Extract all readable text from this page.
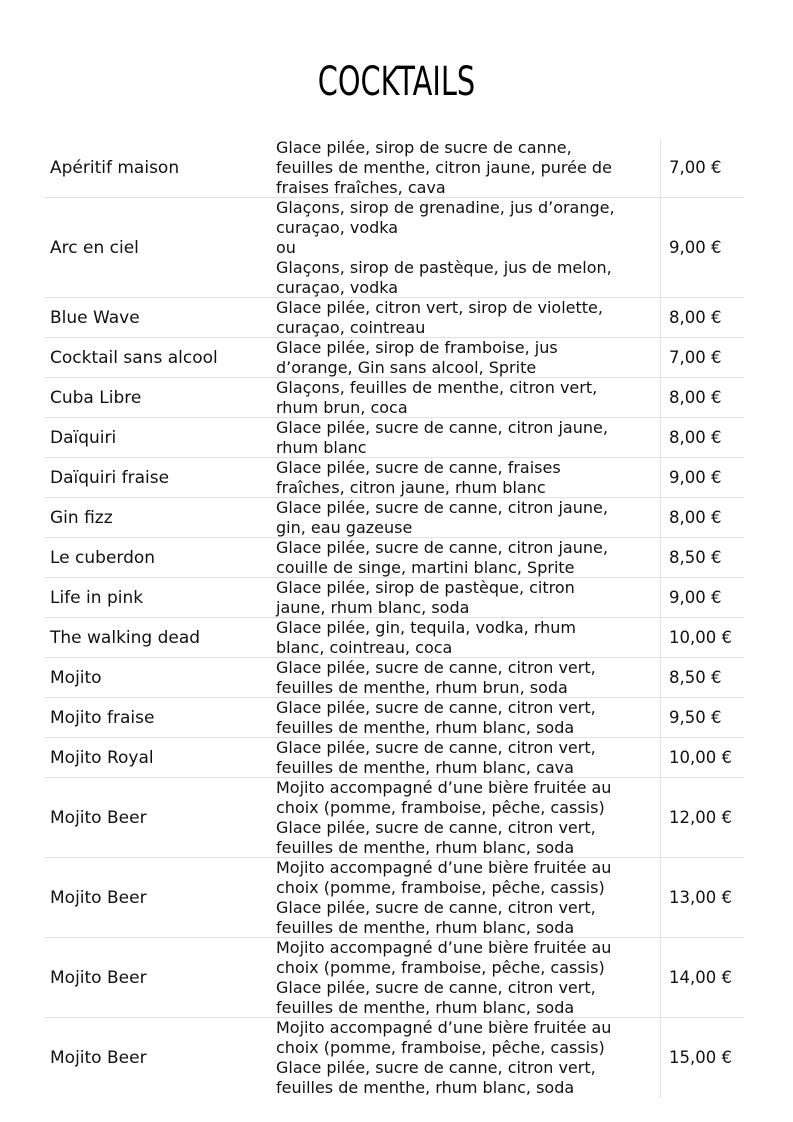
COCKTAILS
Apéritif maison
Glace pilée, sirop de sucre de canne,
feuilles de menthe, citron jaune, purée de
fraises fraîches, cava
7,00 €
Arc en ciel
Glaçons, sirop de grenadine, jus d’orange,
curaçao, vodka
ou
Glaçons, sirop de pastèque, jus de melon,
curaçao, vodka
9,00 €
Blue Wave
Glace pilée, citron vert, sirop de violette,
curaçao, cointreau
8,00 €
Cocktail sans alcool
Glace pilée, sirop de framboise, jus
d’orange, Gin sans alcool, Sprite
7,00 €
Cuba Libre
Glaçons, feuilles de menthe, citron vert,
rhum brun, coca
8,00 €
Daïquiri
Glace pilée, sucre de canne, citron jaune,
rhum blanc
8,00 €
Daïquiri fraise
Glace pilée, sucre de canne, fraises
fraîches, citron jaune, rhum blanc
9,00 €
Gin fizz
Glace pilée, sucre de canne, citron jaune,
gin, eau gazeuse
8,00 €
Le cuberdon
Glace pilée, sucre de canne, citron jaune,
couille de singe, martini blanc, Sprite
8,50 €
Life in pink
Glace pilée, sirop de pastèque, citron
jaune, rhum blanc, soda
9,00 €
The walking dead
Glace pilée, gin, tequila, vodka, rhum
blanc, cointreau, coca
10,00 €
Mojito
Glace pilée, sucre de canne, citron vert,
feuilles de menthe, rhum brun, soda
8,50 €
Mojito fraise
Glace pilée, sucre de canne, citron vert,
feuilles de menthe, rhum blanc, soda
9,50 €
Mojito Royal
Glace pilée, sucre de canne, citron vert,
feuilles de menthe, rhum blanc, cava
10,00 €
Mojito Beer
Mojito accompagné d’une bière fruitée au
choix (pomme, framboise, pêche, cassis)
Glace pilée, sucre de canne, citron vert,
feuilles de menthe, rhum blanc, soda
12,00 €
Mojito Beer
Mojito accompagné d’une bière fruitée au
choix (pomme, framboise, pêche, cassis)
Glace pilée, sucre de canne, citron vert,
feuilles de menthe, rhum blanc, soda
13,00 €
Mojito Beer
Mojito accompagné d’une bière fruitée au
choix (pomme, framboise, pêche, cassis)
Glace pilée, sucre de canne, citron vert,
feuilles de menthe, rhum blanc, soda
14,00 €
Mojito Beer
Mojito accompagné d’une bière fruitée au
choix (pomme, framboise, pêche, cassis)
Glace pilée, sucre de canne, citron vert,
feuilles de menthe, rhum blanc, soda
15,00 €
